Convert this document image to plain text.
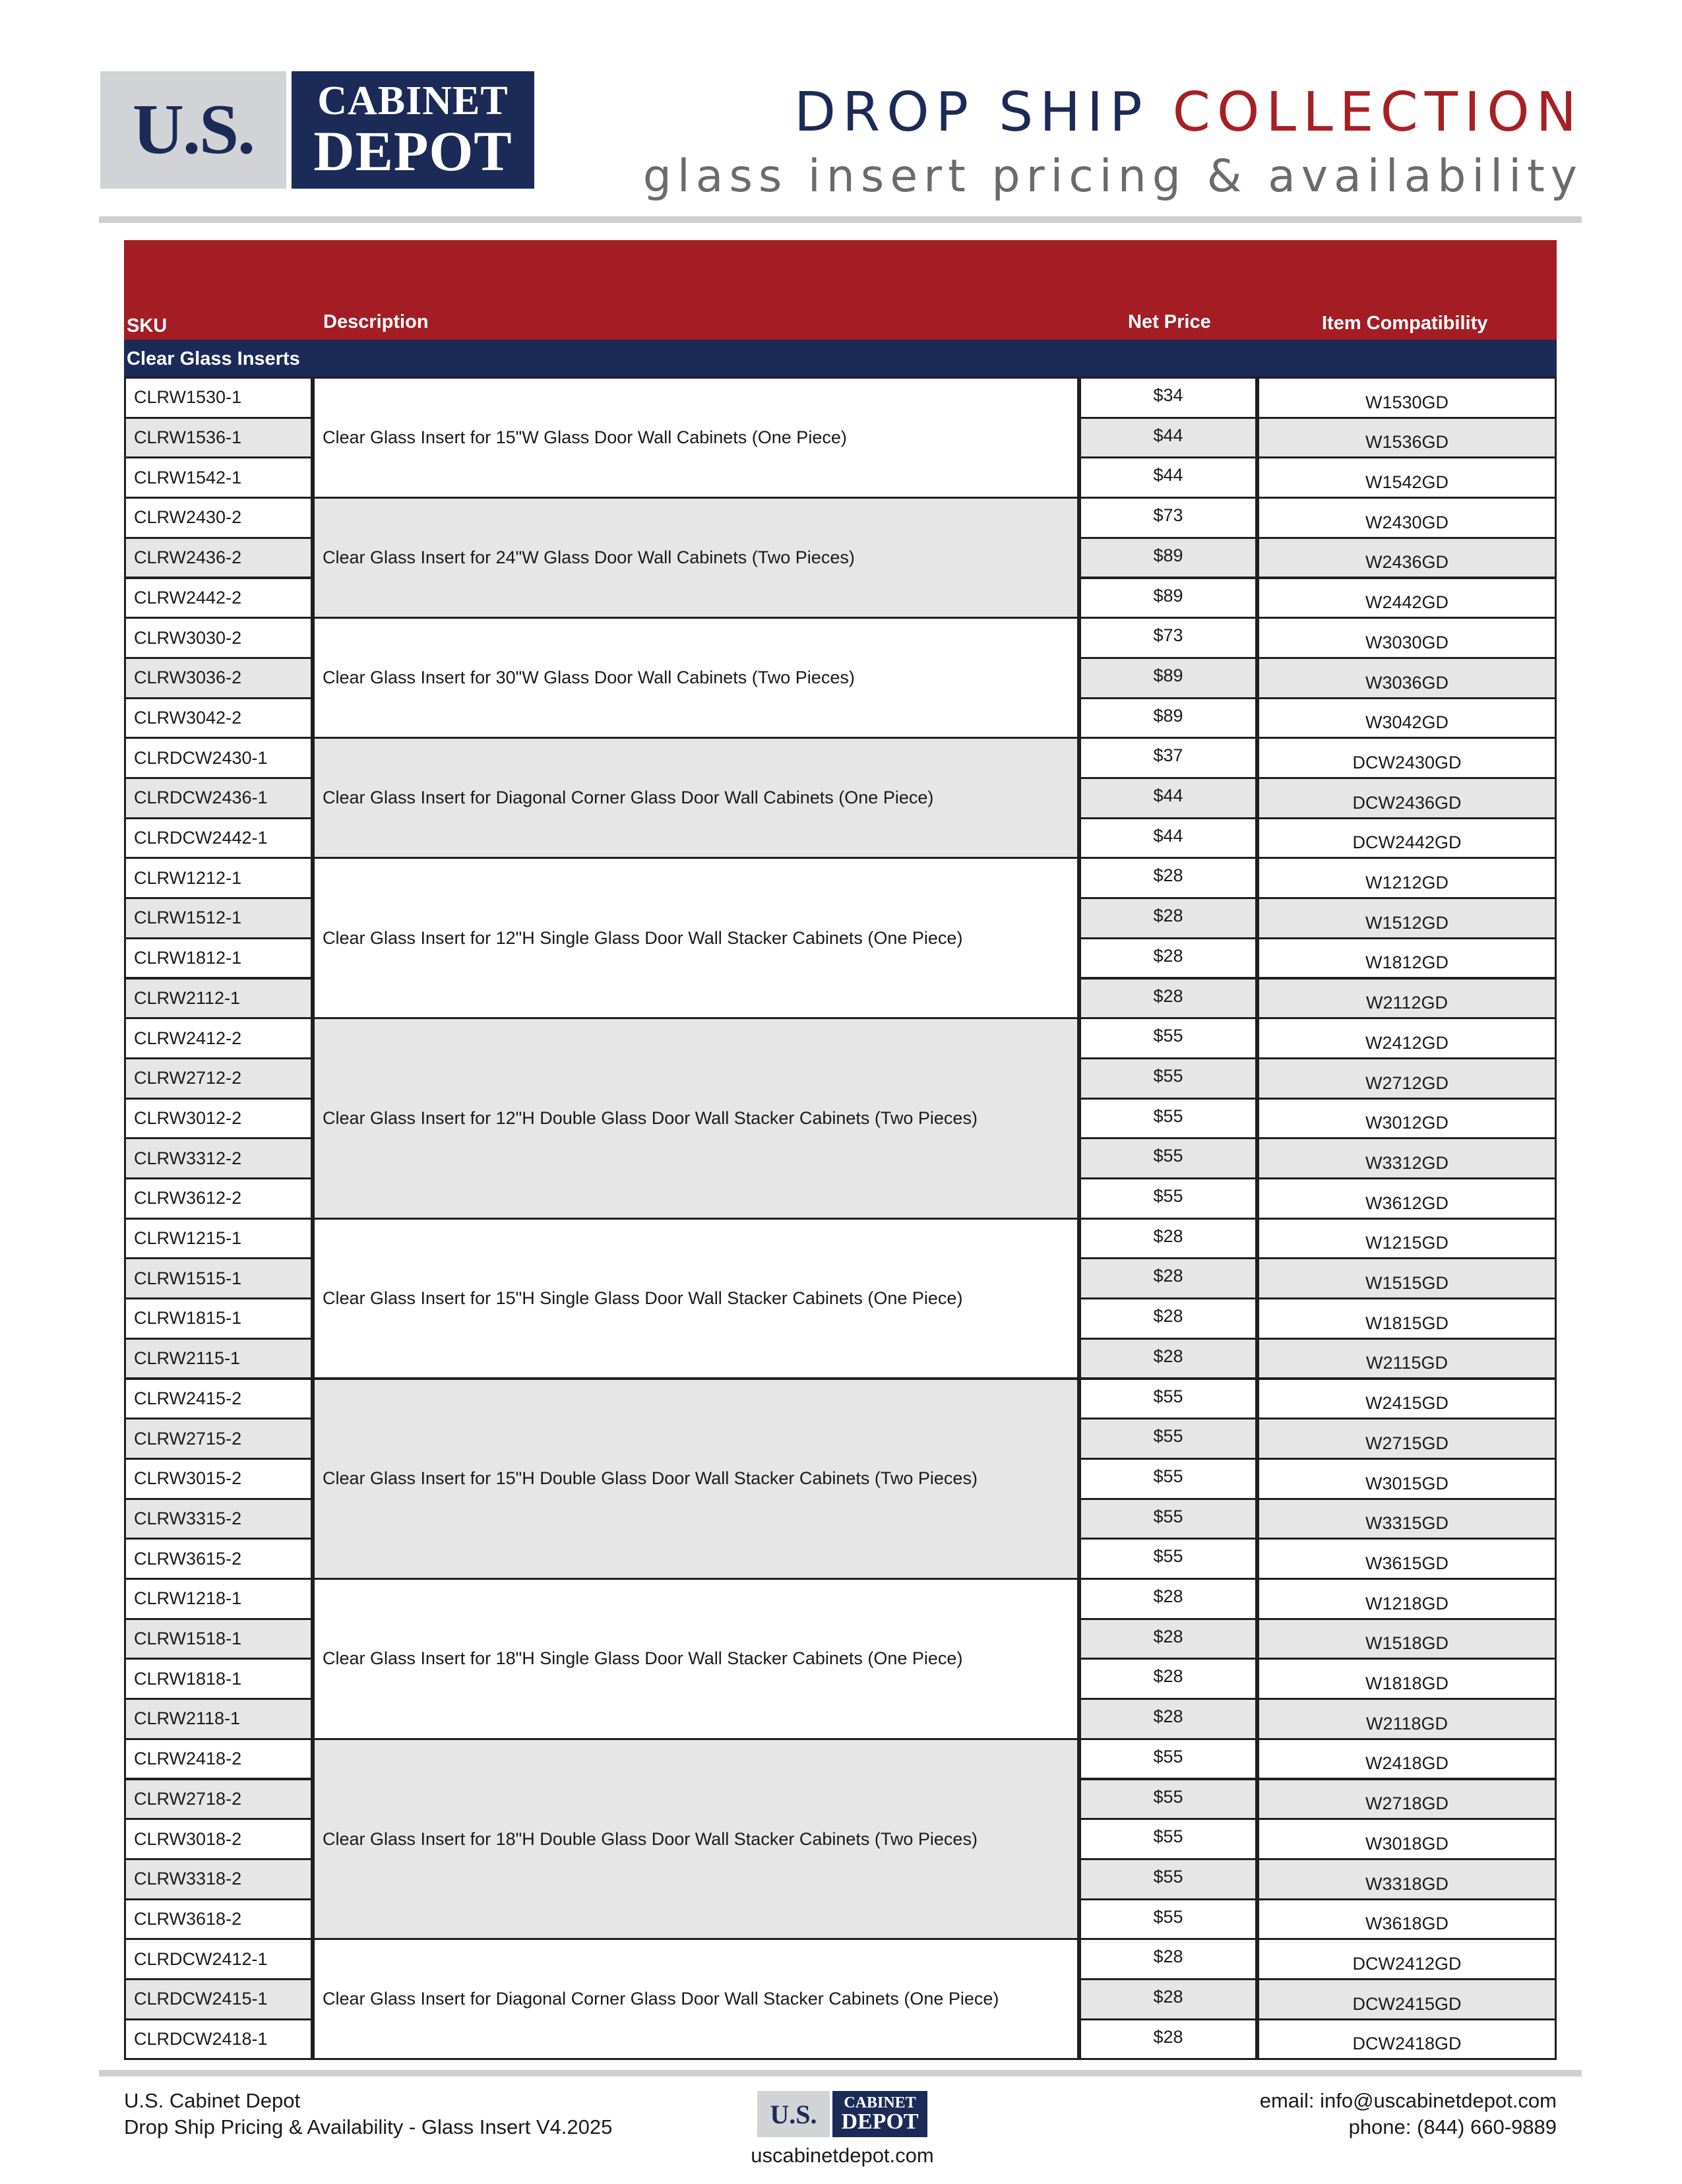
U.S. CABINET
DEPOT
DROP SHIP COLLECTION
glass insert pricing & availability
SKU	Description	Net Price	Item Compatibility
Clear Glass Inserts
Clear Glass Insert for 15"W Glass Door Wall Cabinets (One Piece)
CLRW1530-1	$34	W1530GD
CLRW1536-1	$44	W1536GD
CLRW1542-1	$44	W1542GD
Clear Glass Insert for 24"W Glass Door Wall Cabinets (Two Pieces)
CLRW2430-2	$73	W2430GD
CLRW2436-2	$89	W2436GD
CLRW2442-2	$89	W2442GD
Clear Glass Insert for 30"W Glass Door Wall Cabinets (Two Pieces)
CLRW3030-2	$73	W3030GD
CLRW3036-2	$89	W3036GD
CLRW3042-2	$89	W3042GD
Clear Glass Insert for Diagonal Corner Glass Door Wall Cabinets (One Piece)
CLRDCW2430-1	$37	DCW2430GD
CLRDCW2436-1	$44	DCW2436GD
CLRDCW2442-1	$44	DCW2442GD
Clear Glass Insert for 12"H Single Glass Door Wall Stacker Cabinets (One Piece)
CLRW1212-1	$28	W1212GD
CLRW1512-1	$28	W1512GD
CLRW1812-1	$28	W1812GD
CLRW2112-1	$28	W2112GD
Clear Glass Insert for 12"H Double Glass Door Wall Stacker Cabinets (Two Pieces)
CLRW2412-2	$55	W2412GD
CLRW2712-2	$55	W2712GD
CLRW3012-2	$55	W3012GD
CLRW3312-2	$55	W3312GD
CLRW3612-2	$55	W3612GD
Clear Glass Insert for 15"H Single Glass Door Wall Stacker Cabinets (One Piece)
CLRW1215-1	$28	W1215GD
CLRW1515-1	$28	W1515GD
CLRW1815-1	$28	W1815GD
CLRW2115-1	$28	W2115GD
Clear Glass Insert for 15"H Double Glass Door Wall Stacker Cabinets (Two Pieces)
CLRW2415-2	$55	W2415GD
CLRW2715-2	$55	W2715GD
CLRW3015-2	$55	W3015GD
CLRW3315-2	$55	W3315GD
CLRW3615-2	$55	W3615GD
Clear Glass Insert for 18"H Single Glass Door Wall Stacker Cabinets (One Piece)
CLRW1218-1	$28	W1218GD
CLRW1518-1	$28	W1518GD
CLRW1818-1	$28	W1818GD
CLRW2118-1	$28	W2118GD
Clear Glass Insert for 18"H Double Glass Door Wall Stacker Cabinets (Two Pieces)
CLRW2418-2	$55	W2418GD
CLRW2718-2	$55	W2718GD
CLRW3018-2	$55	W3018GD
CLRW3318-2	$55	W3318GD
CLRW3618-2	$55	W3618GD
Clear Glass Insert for Diagonal Corner Glass Door Wall Stacker Cabinets (One Piece)
CLRDCW2412-1	$28	DCW2412GD
CLRDCW2415-1	$28	DCW2415GD
CLRDCW2418-1	$28	DCW2418GD
U.S. Cabinet Depot
Drop Ship Pricing & Availability - Glass Insert V4.2025	U.S. CABINET
DEPOT
uscabinetdepot.com
email: info@uscabinetdepot.com
phone: (844) 660-9889
